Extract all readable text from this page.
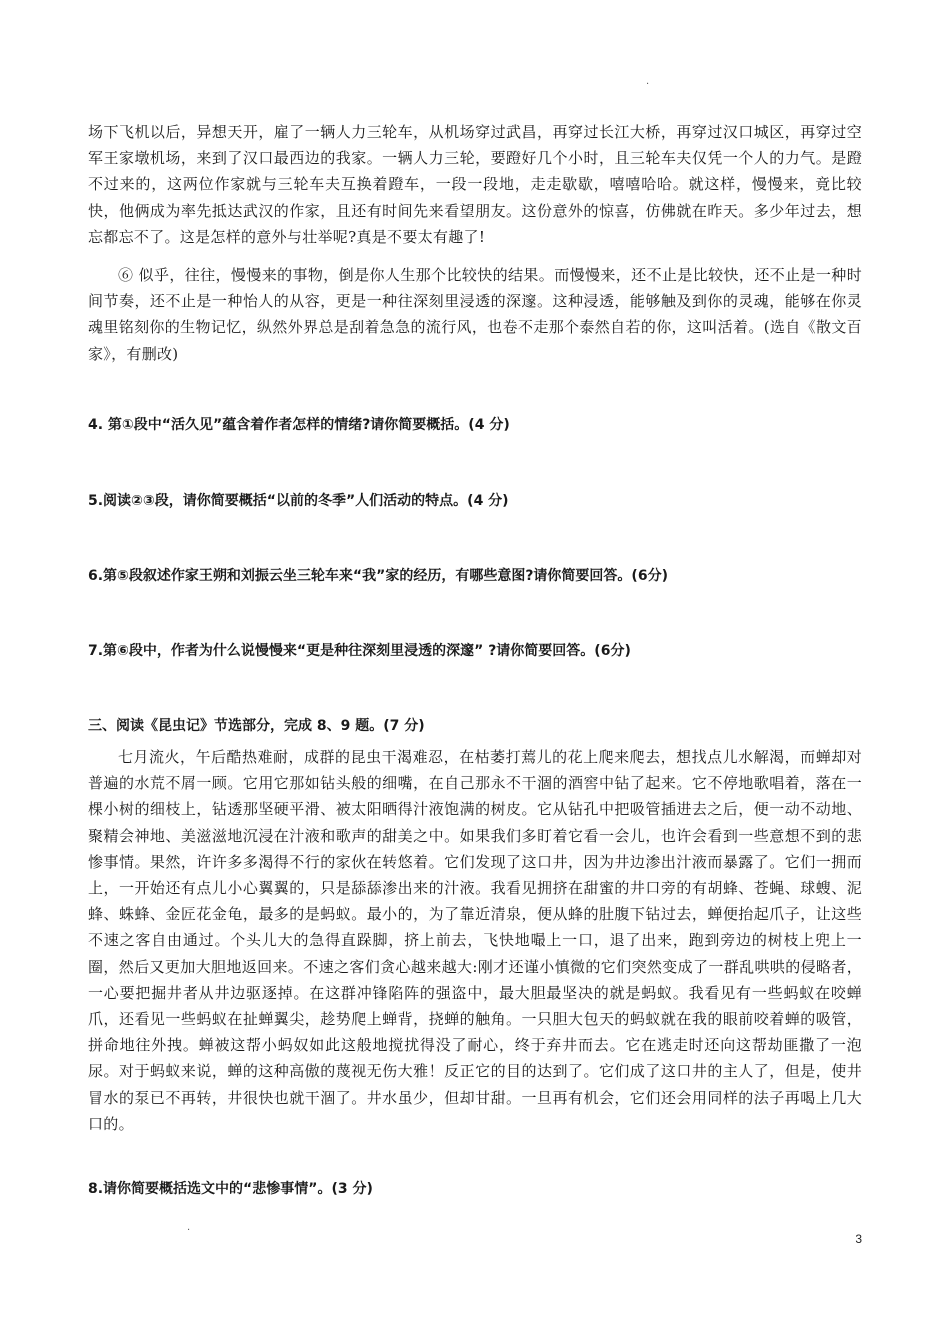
.

场下飞机以后，异想天开，雇了一辆人力三轮车，从机场穿过武昌，再穿过长江大桥，再穿过汉口城区，再穿过空军王家墩机场，来到了汉口最西边的我家。一辆人力三轮，要蹬好几个小时，且三轮车夫仅凭一个人的力气。是蹬不过来的，这两位作家就与三轮车夫互换着蹬车，一段一段地，走走歇歇，嘻嘻哈哈。就这样，慢慢来，竟比较快，他俩成为率先抵达武汉的作家，且还有时间先来看望朋友。这份意外的惊喜，仿佛就在昨天。多少年过去，想忘都忘不了。这是怎样的意外与壮举呢?真是不要太有趣了!

⑥ 似乎，往往，慢慢来的事物，倒是你人生那个比较快的结果。而慢慢来，还不止是比较快，还不止是一种时间节奏，还不止是一种怡人的从容，更是一种往深刻里浸透的深邃。这种浸透，能够触及到你的灵魂，能够在你灵魂里铭刻你的生物记忆，纵然外界总是刮着急急的流行风，也卷不走那个泰然自若的你，这叫活着。(选自《散文百家》，有删改)

4. 第①段中“活久见”蕴含着作者怎样的情绪?请你简要概括。(4 分)

5.阅读②③段，请你简要概括“以前的冬季”人们活动的特点。(4 分)

6.第⑤段叙述作家王朔和刘振云坐三轮车来“我”家的经历，有哪些意图?请你简要回答。(6分)

7.第⑥段中，作者为什么说慢慢来“更是种往深刻里浸透的深邃” ?请你简要回答。(6分)

三、阅读《昆虫记》节选部分，完成 8、9 题。(7 分)

七月流火，午后酷热难耐，成群的昆虫干渴难忍，在枯萎打蔫儿的花上爬来爬去，想找点儿水解渴，而蝉却对普遍的水荒不屑一顾。它用它那如钻头般的细嘴，在自己那永不干涸的酒窖中钻了起来。它不停地歌唱着，落在一棵小树的细枝上，钻透那坚硬平滑、被太阳晒得汁液饱满的树皮。它从钻孔中把吸管插进去之后，便一动不动地、聚精会神地、美滋滋地沉浸在汁液和歌声的甜美之中。如果我们多盯着它看一会儿，也许会看到一些意想不到的悲惨事情。果然，许许多多渴得不行的家伙在转悠着。它们发现了这口井，因为井边渗出汁液而暴露了。它们一拥而上，一开始还有点儿小心翼翼的，只是舔舔渗出来的汁液。我看见拥挤在甜蜜的井口旁的有胡蜂、苍蝇、球螋、泥蜂、蛛蜂、金匠花金龟，最多的是蚂蚁。最小的，为了靠近清泉，便从蜂的肚腹下钻过去，蝉便抬起爪子，让这些不速之客自由通过。个头儿大的急得直跺脚，挤上前去，飞快地嘬上一口，退了出来，跑到旁边的树枝上兜上一圈，然后又更加大胆地返回来。不速之客们贪心越来越大:刚才还谨小慎微的它们突然变成了一群乱哄哄的侵略者，一心要把掘井者从井边驱逐掉。在这群冲锋陷阵的强盗中，最大胆最坚决的就是蚂蚁。我看见有一些蚂蚁在咬蝉爪，还看见一些蚂蚁在扯蝉翼尖，趁势爬上蝉背，挠蝉的触角。一只胆大包天的蚂蚁就在我的眼前咬着蝉的吸管，拼命地往外拽。蝉被这帮小蚂奴如此这般地搅扰得没了耐心，终于弃井而去。它在逃走时还向这帮劫匪撒了一泡尿。对于蚂蚁来说，蝉的这种高傲的蔑视无伤大雅！反正它的目的达到了。它们成了这口井的主人了，但是，使井冒水的泵已不再转，井很快也就干涸了。井水虽少，但却甘甜。一旦再有机会，它们还会用同样的法子再喝上几大口的。

8.请你简要概括选文中的“悲惨事情”。(3 分)

.
3
